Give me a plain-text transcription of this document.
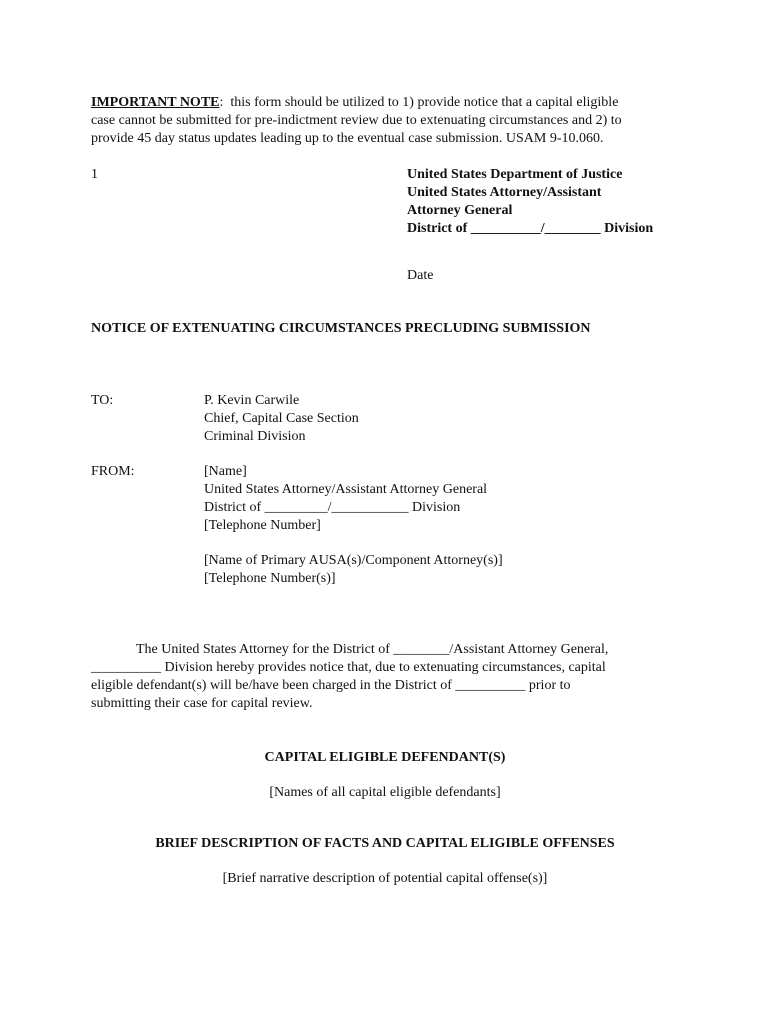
IMPORTANT NOTE: this form should be utilized to 1) provide notice that a capital eligible
case cannot be submitted for pre-indictment review due to extenuating circumstances and 2) to
provide 45 day status updates leading up to the eventual case submission. USAM 9-10.060.
1	United States Department of Justice
United States Attorney/Assistant
Attorney General
District of __________/________ Division
Date
NOTICE OF EXTENUATING CIRCUMSTANCES PRECLUDING SUBMISSION
TO:	P. Kevin Carwile
Chief, Capital Case Section
Criminal Division
FROM:	[Name]
United States Attorney/Assistant Attorney General
District of _________/___________ Division
[Telephone Number]
[Name of Primary AUSA(s)/Component Attorney(s)]
[Telephone Number(s)]
The United States Attorney for the District of ________/Assistant Attorney General,
__________ Division hereby provides notice that, due to extenuating circumstances, capital
eligible defendant(s) will be/have been charged in the District of __________ prior to
submitting their case for capital review.
CAPITAL ELIGIBLE DEFENDANT(S)
[Names of all capital eligible defendants]
BRIEF DESCRIPTION OF FACTS AND CAPITAL ELIGIBLE OFFENSES
[Brief narrative description of potential capital offense(s)]
